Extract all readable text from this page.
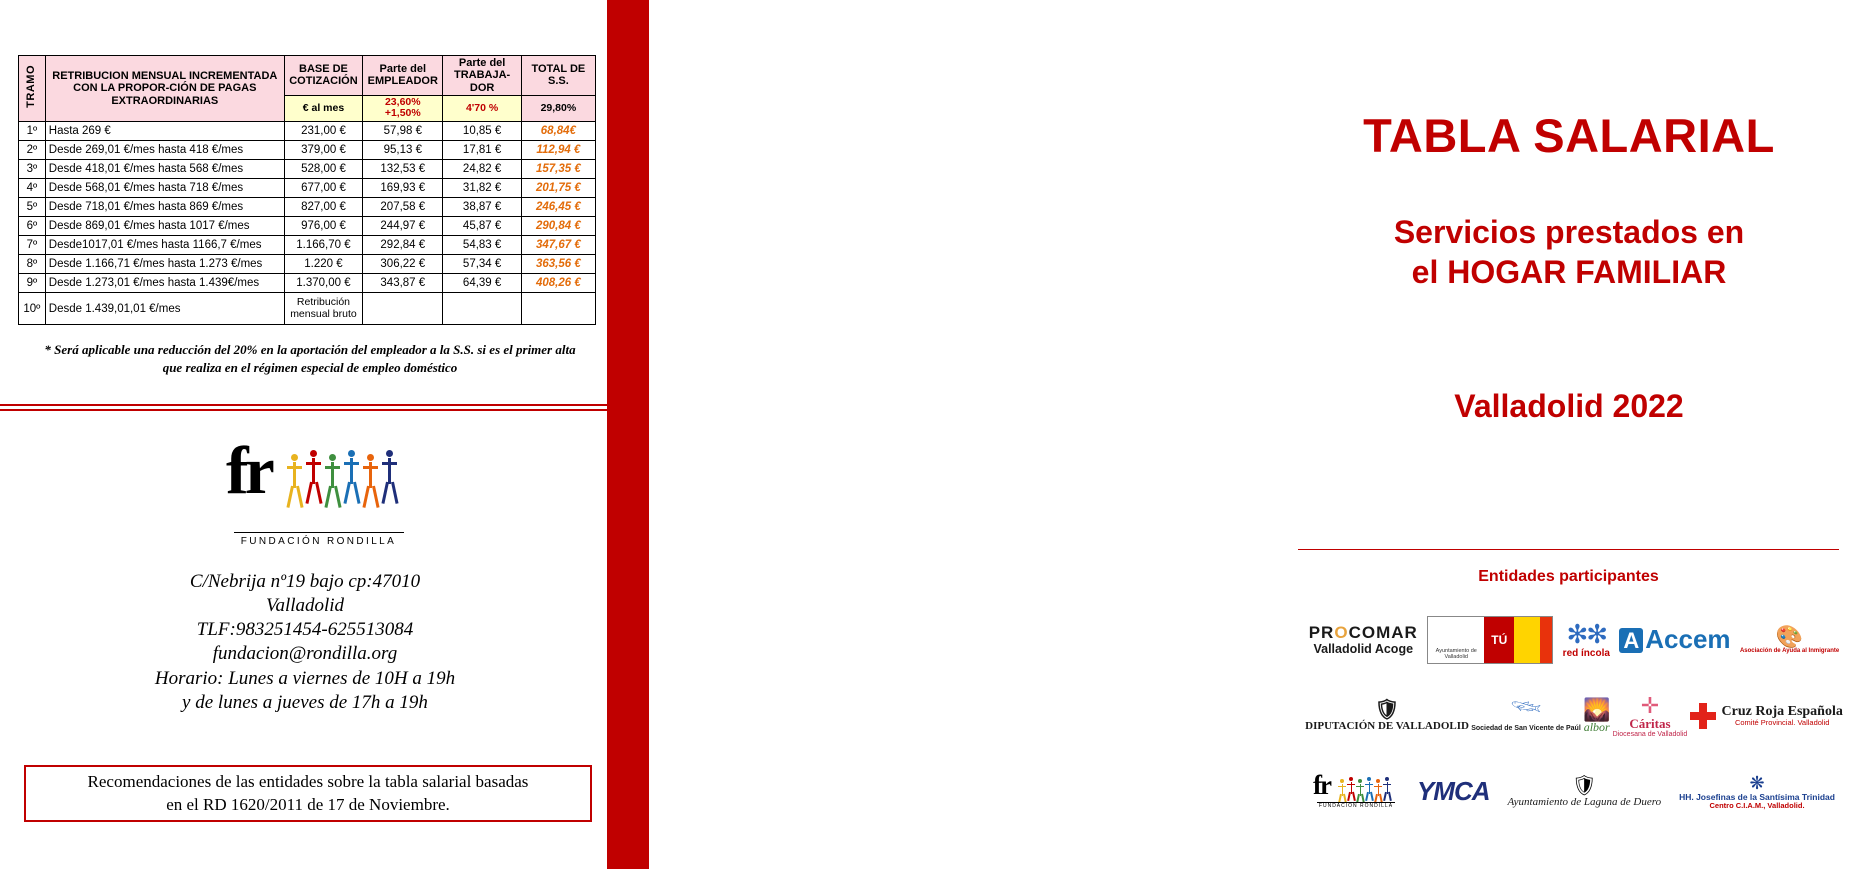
TRAMO	RETRIBUCION MENSUAL INCREMENTADA CON LA PROPOR-CIÓN DE PAGAS EXTRAORDINARIAS	BASE DE COTIZACIÓN	Parte del EMPLEADOR	Parte del TRABAJA-DOR	TOTAL DE S.S.
		€ al mes	23,60% +1,50%	4'70 %	29,80%
1º	Hasta 269 €	231,00 €	57,98 €	10,85 €	68,84€
2º	Desde 269,01 €/mes hasta 418 €/mes	379,00 €	95,13 €	17,81 €	112,94 €
3º	Desde 418,01 €/mes hasta 568 €/mes	528,00 €	132,53 €	24,82 €	157,35 €
4º	Desde 568,01 €/mes hasta 718 €/mes	677,00 €	169,93 €	31,82 €	201,75 €
5º	Desde 718,01 €/mes hasta 869 €/mes	827,00 €	207,58 €	38,87 €	246,45 €
6º	Desde 869,01 €/mes hasta 1017 €/mes	976,00 €	244,97 €	45,87 €	290,84 €
7º	Desde1017,01 €/mes hasta 1166,7 €/mes	1.166,70 €	292,84 €	54,83 €	347,67 €
8º	Desde 1.166,71 €/mes hasta 1.273 €/mes	1.220 €	306,22 €	57,34 €	363,56 €
9º	Desde 1.273,01 €/mes hasta 1.439€/mes	1.370,00 €	343,87 €	64,39 €	408,26 €
10º	Desde 1.439,01,01 €/mes	Retribución mensual bruto			
* Será aplicable una reducción del 20% en la aportación del empleador a la S.S. si es el primer alta que realiza en el régimen especial de empleo doméstico
fr
FUNDACIÓN RONDILLA
C/Nebrija nº19 bajo cp:47010
Valladolid
TLF:983251454-625513084
fundacion@rondilla.org
Horario: Lunes a viernes de 10H a 19h
y de lunes a jueves de 17h a 19h
Recomendaciones de las entidades sobre la tabla salarial basadas
en el RD 1620/2011 de 17 de Noviembre.
TABLA SALARIAL
Servicios prestados en
el HOGAR FAMILIAR
Valladolid 2022
Entidades participantes
PROCOMAR
Valladolid Acoge	Ayuntamiento de Valladolid
TÚ ✻✻
red íncola
A Accem	🎨
Asociación de Ayuda al Inmigrante
🛡
DIPUTACIÓN DE VALLADOLID	𓆝
Sociedad de San Vicente de Paúl
🌄
albor
✛
Cáritas
Diocesana de Valladolid
Cruz Roja Española
Comité Provincial. Valladolid
fr
FUNDACIÓN RONDILLA YMCA	🛡
Ayuntamiento de Laguna de Duero
❋
HH. Josefinas de la Santísima Trinidad
Centro C.I.A.M., Valladolid.
